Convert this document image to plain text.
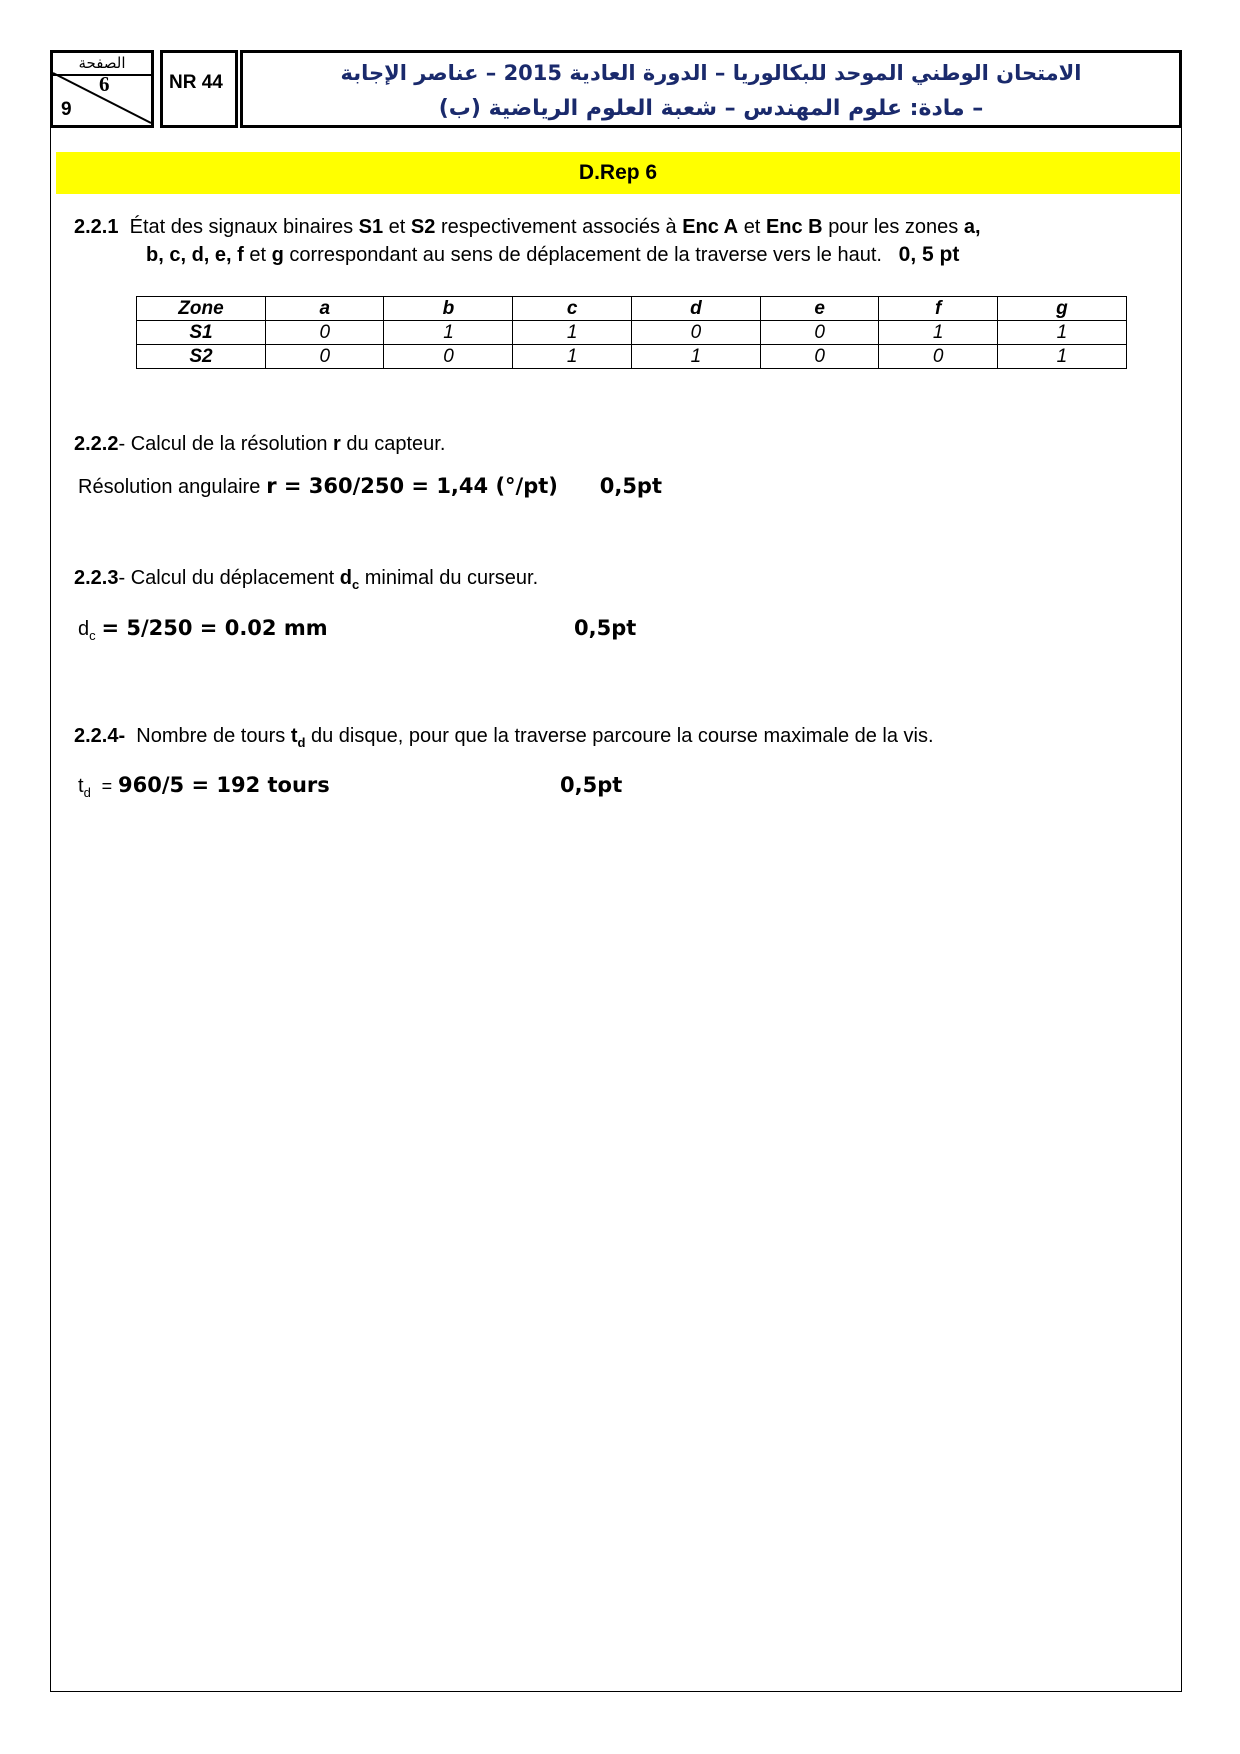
الصفحة
6
9
NR 44	الامتحان الوطني الموحد للبكالوريا – الدورة العادية 2015 – عناصر الإجابة
– مادة: علوم المهندس – شعبة العلوم الرياضية (ب)
D.Rep 6
2.2.1 État des signaux binaires S1 et S2 respectivement associés à Enc A et Enc B pour les zones a,
b, c, d, e, f et g correspondant au sens de déplacement de la traverse vers le haut. 0, 5 pt
Zone	a	b	c	d	e	f	g
S1	0	1	1	0	0	1	1
S2	0	0	1	1	0	0	1
2.2.2- Calcul de la résolution r du capteur.
Résolution angulaire r = 360/250 = 1,44 (°/pt) 0,5pt
2.2.3- Calcul du déplacement $d_c$ minimal du curseur.
$d_c = 5/250 = 0.02$ mm	0,5pt
2.2.4- Nombre de tours $t_d$ du disque, pour que la traverse parcoure la course maximale de la vis.
$t_d = 960/5 = 192$ tours	0,5pt
